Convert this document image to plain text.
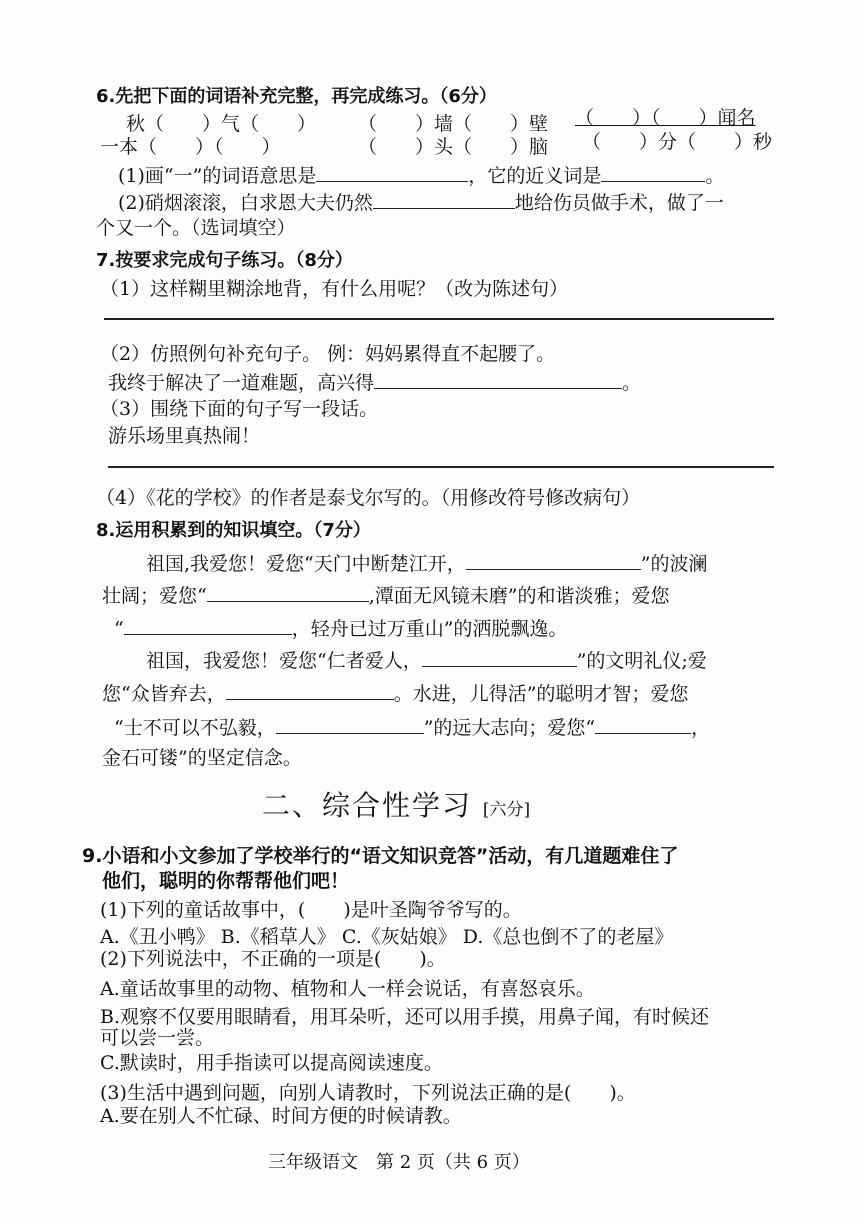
6.先把下面的词语补充完整，再完成练习。（6分）
秋（　　）气（　　） （　　）墙（　　）壁 （　　）（　　）闻名
一本（　　）（　　）	（　　）头（　　）脑 （　　）分（　　）秒
(1)画“一”的词语意思是	，它的近义词是	。
(2)硝烟滚滚，白求恩大夫仍然	地给伤员做手术，做了一
个又一个。（选词填空）
7.按要求完成句子练习。（8分）
（1）这样糊里糊涂地背，有什么用呢？（改为陈述句）
（2）仿照例句补充句子。 例：妈妈累得直不起腰了。
我终于解决了一道难题，高兴得	。
（3）围绕下面的句子写一段话。
游乐场里真热闹！
（4）《花的学校》的作者是泰戈尔写的。（用修改符号修改病句）
8.运用积累到的知识填空。（7分）
祖国,我爱您！爱您“天门中断楚江开，	”的波澜
壮阔；爱您“	,潭面无风镜未磨”的和谐淡雅；爱您
“	，轻舟已过万重山”的洒脱飘逸。
祖国，我爱您！爱您“仁者爱人，	”的文明礼仪;爱
您“众皆弃去，	。水进，儿得活”的聪明才智；爱您
“士不可以不弘毅，	”的远大志向；爱您“	，
金石可镂”的坚定信念。
二、综合性学习 [六分]
9.小语和小文参加了学校举行的“语文知识竞答”活动，有几道题难住了
他们，聪明的你帮帮他们吧！
(1)下列的童话故事中，(　　)是叶圣陶爷爷写的。
A.《丑小鸭》 B.《稻草人》 C.《灰姑娘》 D.《总也倒不了的老屋》
(2)下列说法中，不正确的一项是(　　)。
A.童话故事里的动物、植物和人一样会说话，有喜怒哀乐。
B.观察不仅要用眼睛看，用耳朵听，还可以用手摸，用鼻子闻，有时候还
可以尝一尝。
C.默读时，用手指读可以提高阅读速度。
(3)生活中遇到问题，向别人请教时，下列说法正确的是(　　)。
A.要在别人不忙碌、时间方便的时候请教。
三年级语文　第 2 页（共 6 页）
